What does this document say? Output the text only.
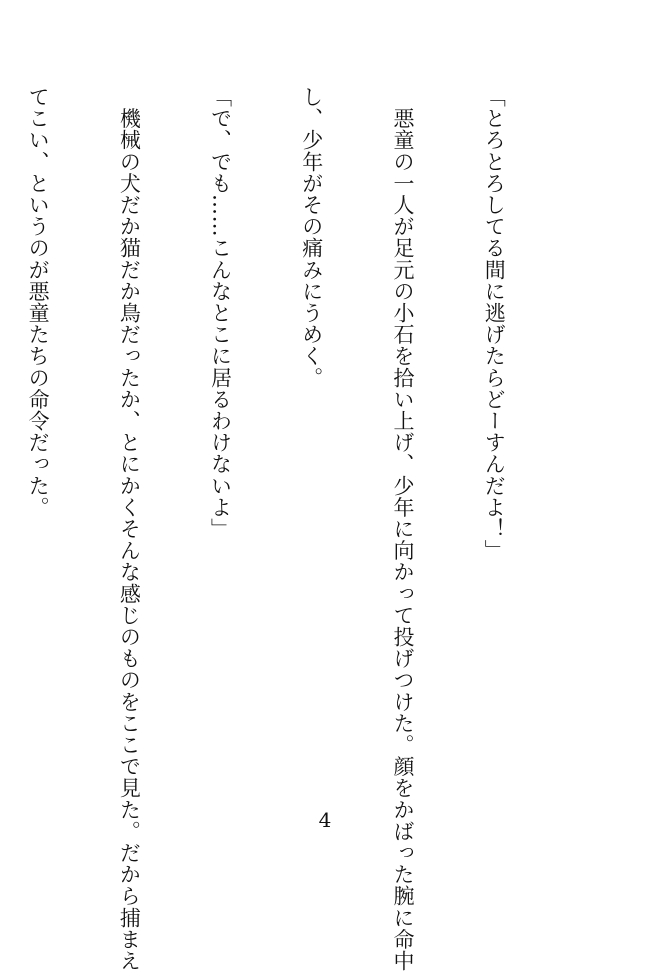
「とろとろしてる間に逃げたらどーすんだよ！」

　悪童の一人が足元の小石を拾い上げ、少年に向かって投げつけた。顔をかばった腕に命中

し、少年がその痛みにうめく。

「で、でも……こんなとこに居るわけないよ」

　機械の犬だか猫だか鳥だったか、とにかくそんな感じのものをここで見た。だから捕まえ

てこい、というのが悪童たちの命令だった。

4
